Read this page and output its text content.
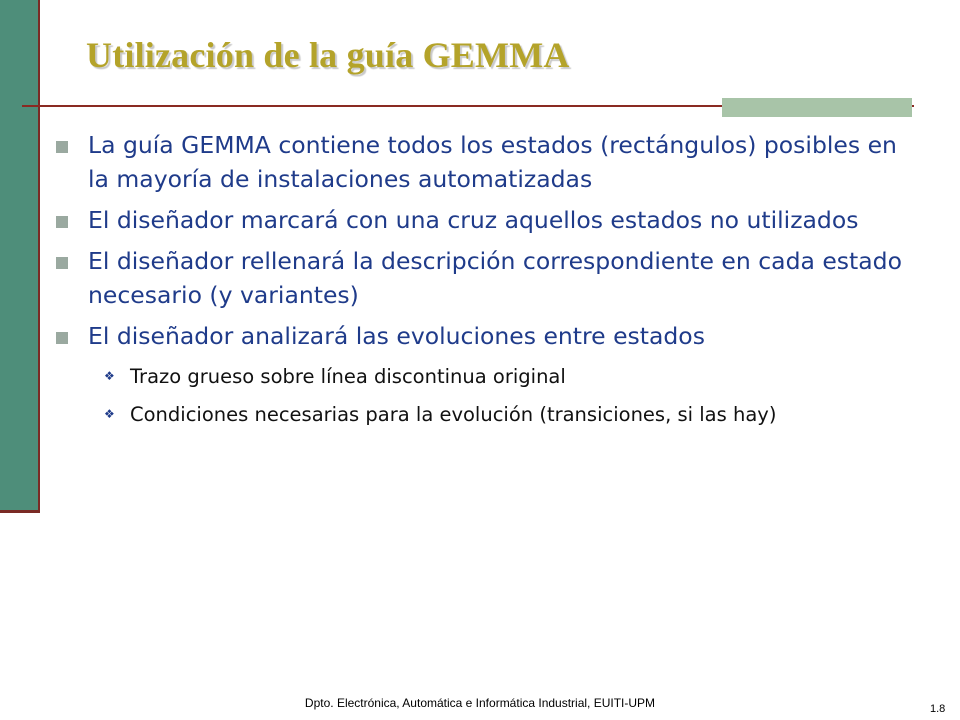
Utilización de la guía GEMMA
La guía GEMMA contiene todos los estados (rectángulos) posibles en la mayoría de instalaciones automatizadas
El diseñador marcará con una cruz aquellos estados no utilizados
El diseñador rellenará la descripción correspondiente en cada estado necesario (y variantes)
El diseñador analizará las evoluciones entre estados
❖ Trazo grueso sobre línea discontinua original
❖ Condiciones necesarias para la evolución (transiciones, si las hay)
Dpto. Electrónica, Automática e Informática Industrial, EUITI-UPM	1.8
